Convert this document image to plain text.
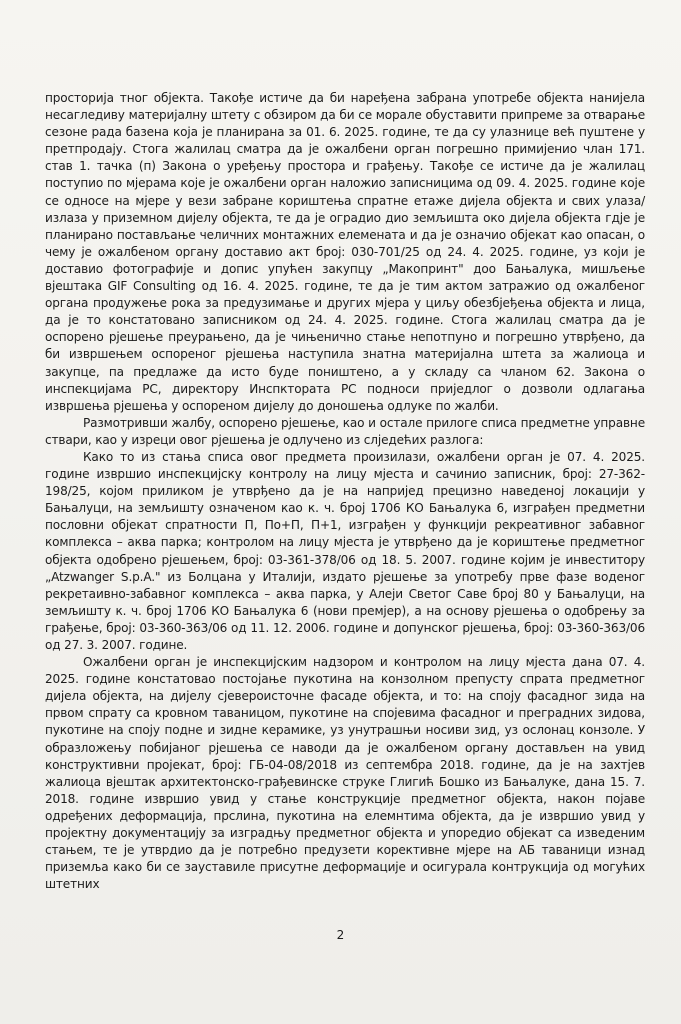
просторија тног објекта. Такође истиче да би наређена забрана употребе објекта нанијела несагледиву материјалну штету с обзиром да би се морале обуставити припреме за отварање сезоне рада базена која је планирана за 01. 6. 2025. године, те да су улазнице већ пуштене у претпродају. Стога жалилац сматра да је ожалбени орган погрешно примијенио члан 171. став 1. тачка (п) Закона о уређењу простора и грађењу. Такође се истиче да је жалилац поступио по мјерама које је ожалбени орган наложио записницима од 09. 4. 2025. године које се односе на мјере у вези забране кориштења спратне етаже дијела објекта и свих улаза/излаза у приземном дијелу објекта, те да је оградио дио земљишта око дијела објекта гдје је планирано постављање челичних монтажних елемената и да је означио објекат као опасан, о чему је ожалбеном органу доставио акт број: 030-701/25 од 24. 4. 2025. године, уз који је доставио фотографије и допис упућен закупцу „Макопринт" доо Бањалука, мишљење вјештака GIF Consulting од 16. 4. 2025. године, те да је тим актом затражио од ожалбеног органа продужење рока за предузимање и других мјера у циљу обезбјеђења објекта и лица, да је то констатовано записником од 24. 4. 2025. године. Стога жалилац сматра да је оспорено рјешење преурањено, да је чињенично стање непотпуно и погрешно утврђено, да би извршењем оспореног рјешења наступила знатна материјална штета за жалиоца и закупце, па предлаже да исто буде поништено, а у складу са чланом 62. Закона о инспекцијама РС, директору Инспкторaта РС подноси приједлог о дозволи одлагања извршења рјешења у оспореном дијелу до доношења одлуке по жалби.

Размотривши жалбу, оспорено рјешење, као и остале прилоге списа предметне управне ствари, као у изреци овог рјешења је одлучено из слједећих разлога:

Како то из стања списа овог предмета произилази, ожалбени орган је 07. 4. 2025. године извршио инспекцијску контролу на лицу мјеста и сачинио записник, број: 27-362-198/25, којом приликом је утврђено да је на напријед прецизно наведеној локацији у Бањалуци, на земљишту означеном као к. ч. број 1706 КО Бањалука 6, изграђен предметни пословни објекат спратности П, По+П, П+1, изграђен у функцији рекреативног забавног комплекса – аква парка; контролом на лицу мјеста је утврђено да је кориштење предметног објекта одобрено рјешењем, број: 03-361-378/06 од 18. 5. 2007. године којим је инвеститору „Atzwanger S.p.A." из Болцана у Италији, издато рјешење за употребу прве фазе воденог рекретаивно-забавног комплекса – аква парка, у Алеји Светог Саве број 80 у Бањалуци, на земљишту к. ч. број 1706 КО Бањалука 6 (нови премјер), а на основу рјешења о одобрењу за грађење, број: 03-360-363/06 од 11. 12. 2006. године и допунског рјешења, број: 03-360-363/06 од 27. 3. 2007. године.

Ожалбени орган је инспекцијским надзором и контролом на лицу мјеста дана 07. 4. 2025. године констатовао постојање пукотина на конзолном препусту спрата предметног дијела објекта, на дијелу сјевероисточне фасаде објекта, и то: на споју фасадног зида на првом спрату са кровном таваницом, пукотине на спојевима фасадног и преградних зидова, пукотине на спoју подне и зидне керамике, уз унутрашњи носиви зид, уз ослонац конзоле. У образложењу побијаног рјешења се наводи да је ожалбеном органу достављен на увид конструктивни пројекат, број: ГБ-04-08/2018 из септембра 2018. године, да је на захтјев жалиоца вјештак архитектонско-грађевинске струке Глигић Бошко из Бањалуке, дана 15. 7. 2018. године извршио увид у стање конструкције предметног објекта, након појаве одређених деформација, прслина, пукотина на елемнтима објекта, да је извршио увид у пројектну документацију за изградњу предметног објекта и упоредио објекат са изведеним стањем, те је утврдио да је потребно предузети корективне мјере на АБ таваници изнад приземља како би се зауставиле присутне деформације и осигурала контрукција од могућих штетних

2
